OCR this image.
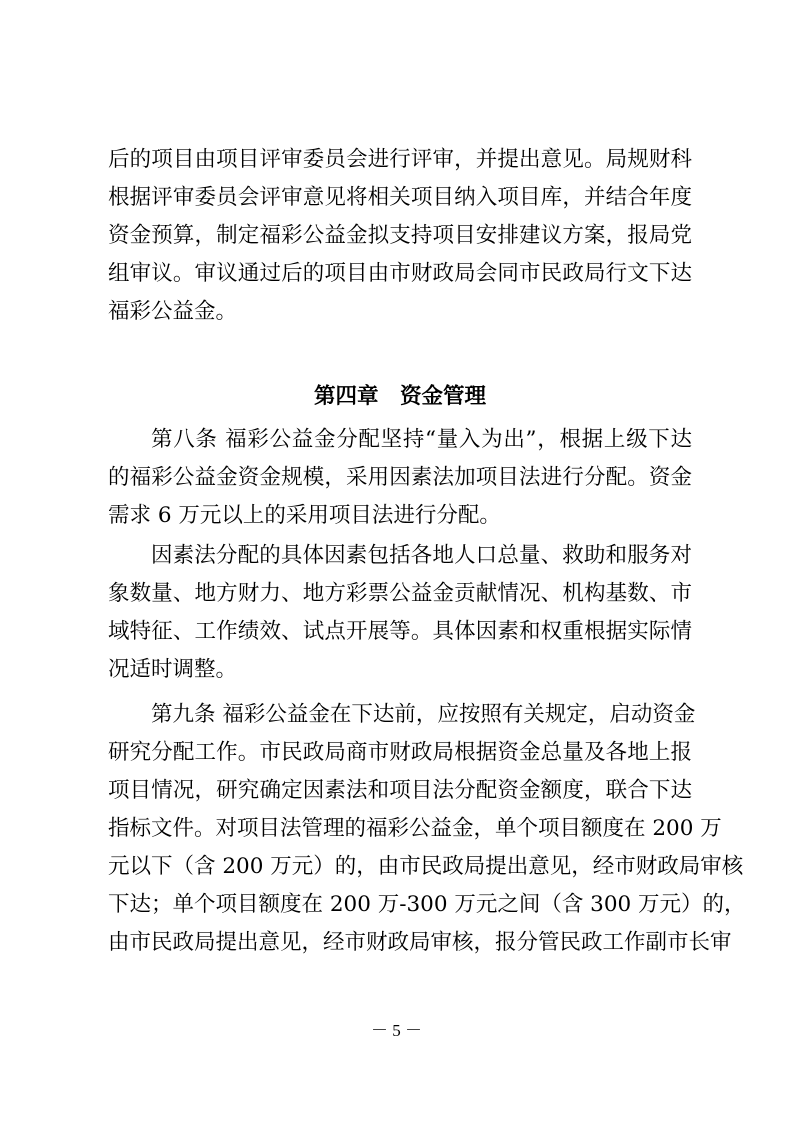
后的项目由项目评审委员会进行评审，并提出意见。局规财科
根据评审委员会评审意见将相关项目纳入项目库，并结合年度
资金预算，制定福彩公益金拟支持项目安排建议方案，报局党
组审议。审议通过后的项目由市财政局会同市民政局行文下达
福彩公益金。
第四章　资金管理
第八条 福彩公益金分配坚持“量入为出”，根据上级下达
的福彩公益金资金规模，采用因素法加项目法进行分配。资金
需求 6 万元以上的采用项目法进行分配。
因素法分配的具体因素包括各地人口总量、救助和服务对
象数量、地方财力、地方彩票公益金贡献情况、机构基数、市
域特征、工作绩效、试点开展等。具体因素和权重根据实际情
况适时调整。
第九条 福彩公益金在下达前，应按照有关规定，启动资金
研究分配工作。市民政局商市财政局根据资金总量及各地上报
项目情况，研究确定因素法和项目法分配资金额度，联合下达
指标文件。对项目法管理的福彩公益金，单个项目额度在 200 万
元以下（含 200 万元）的，由市民政局提出意见，经市财政局审核
下达；单个项目额度在 200 万-300 万元之间（含 300 万元）的，
由市民政局提出意见，经市财政局审核，报分管民政工作副市长审
－ 5 －
